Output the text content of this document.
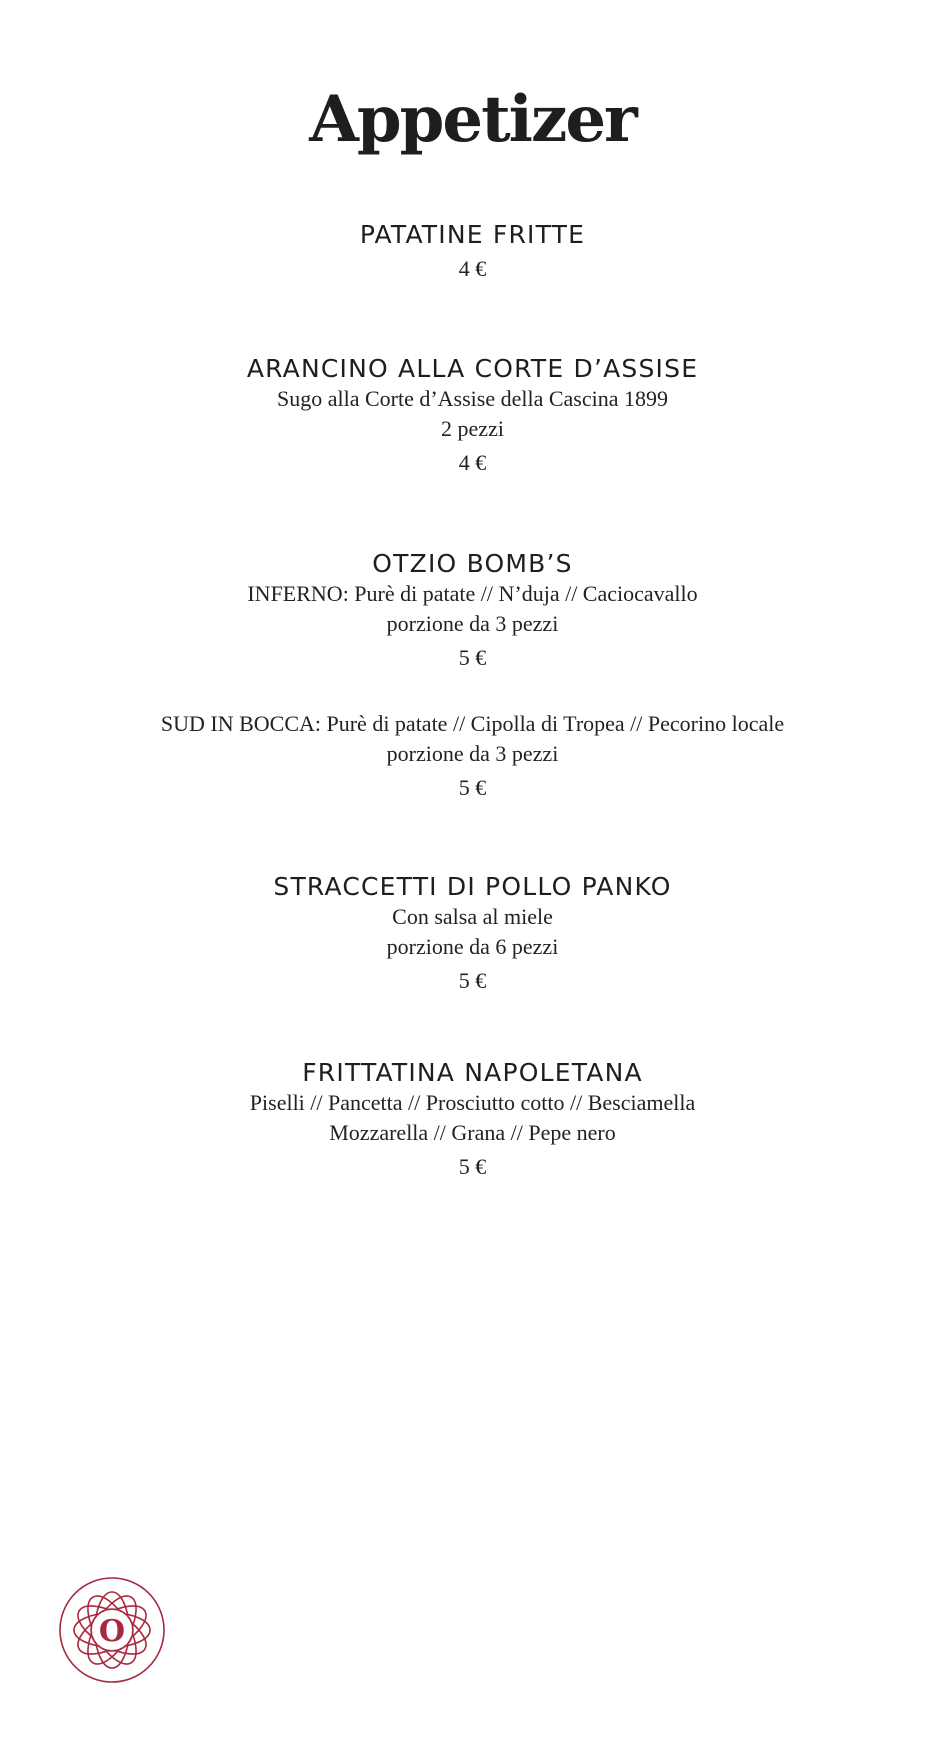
Appetizer
PATATINE FRITTE

4 €

ARANCINO ALLA CORTE D’ASSISE

Sugo alla Corte d’Assise della Cascina 1899

2 pezzi

4 €

OTZIO BOMB’S

INFERNO: Purè di patate // N’duja // Caciocavallo

porzione da 3 pezzi

5 €

SUD IN BOCCA: Purè di patate // Cipolla di Tropea // Pecorino locale

porzione da 3 pezzi

5 €

STRACCETTI DI POLLO PANKO

Con salsa al miele

porzione da 6 pezzi

5 €

FRITTATINA NAPOLETANA

Piselli // Pancetta // Prosciutto cotto // Besciamella

Mozzarella // Grana // Pepe nero

5 €

O
